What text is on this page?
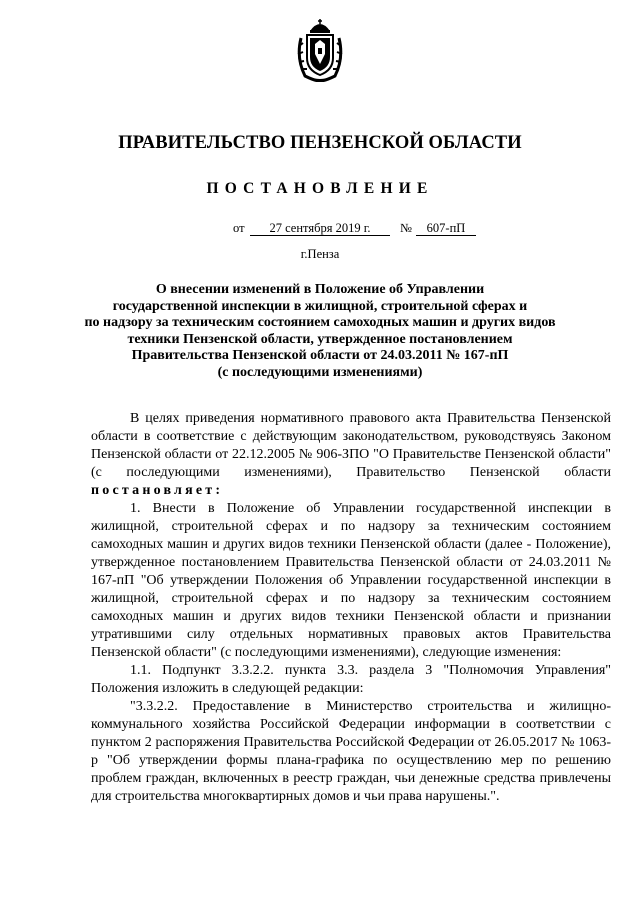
ПРАВИТЕЛЬСТВО ПЕНЗЕНСКОЙ ОБЛАСТИ
ПОСТАНОВЛЕНИЕ
от	27 сентября 2019 г.	№	607-пП
г.Пенза
О внесении изменений в Положение об Управлении
государственной инспекции в жилищной, строительной сферах и
по надзору за техническим состоянием самоходных машин и других видов
техники Пензенской области, утвержденное постановлением
Правительства Пензенской области от 24.03.2011 № 167-пП
(с последующими изменениями)
В целях приведения нормативного правового акта Правительства Пензенской области в соответствие с действующим законодательством, руководствуясь Законом Пензенской области от 22.12.2005 № 906-ЗПО "О Правительстве Пензенской области" (с последующими изменениями), Правительство Пензенской области постановляет:
1. Внести в Положение об Управлении государственной инспекции в жилищной, строительной сферах и по надзору за техническим состоянием самоходных машин и других видов техники Пензенской области (далее - Положение), утвержденное постановлением Правительства Пензенской области от 24.03.2011 № 167-пП "Об утверждении Положения об Управлении государственной инспекции в жилищной, строительной сферах и по надзору за техническим состоянием самоходных машин и других видов техники Пензенской области и признании утратившими силу отдельных нормативных правовых актов Правительства Пензенской области" (с последующими изменениями), следующие изменения:
1.1. Подпункт 3.3.2.2. пункта 3.3. раздела 3 "Полномочия Управления" Положения изложить в следующей редакции:
"3.3.2.2. Предоставление в Министерство строительства и жилищно-коммунального хозяйства Российской Федерации информации в соответствии с пунктом 2 распоряжения Правительства Российской Федерации от 26.05.2017 № 1063-р "Об утверждении формы плана-графика по осуществлению мер по решению проблем граждан, включенных в реестр граждан, чьи денежные средства привлечены для строительства многоквартирных домов и чьи права нарушены.".
